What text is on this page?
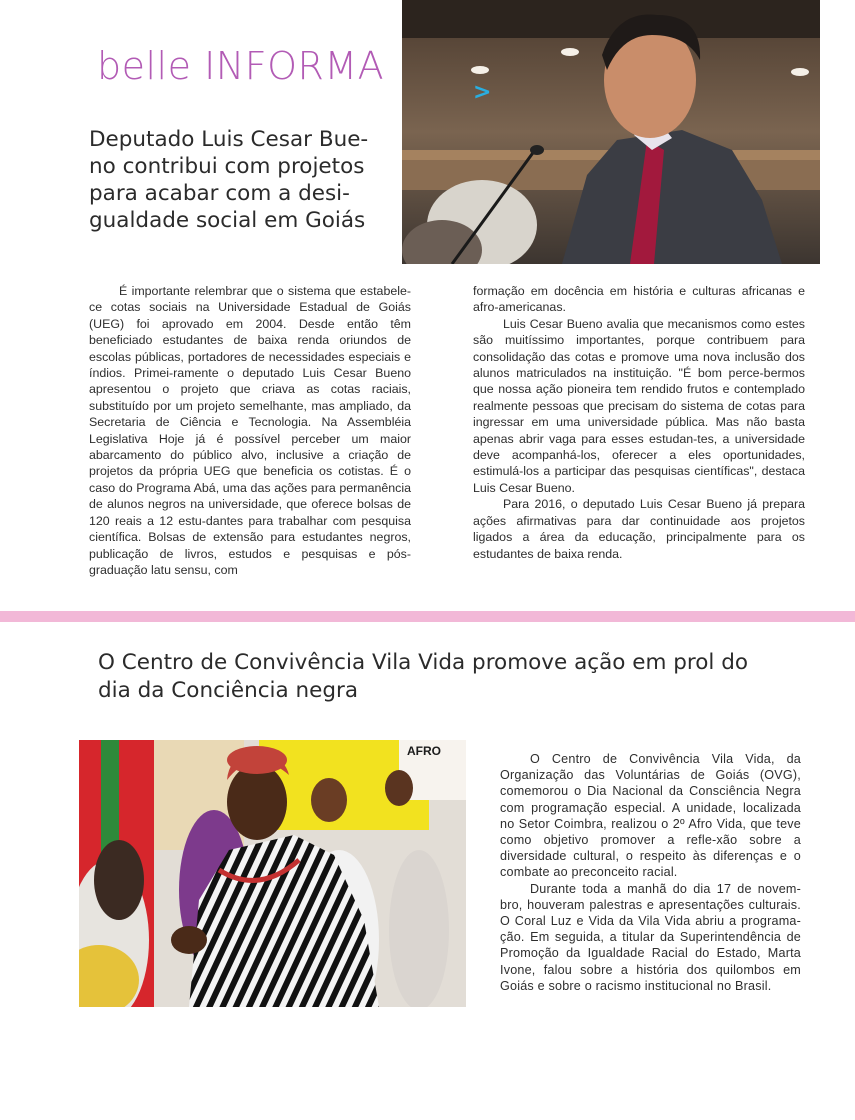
belle INFORMA
Deputado Luis Cesar Bue-
no contribui com projetos
para acabar com a desi-
gualdade social em Goiás
>

É importante relembrar que o sistema que estabele-ce cotas sociais na Universidade Estadual de Goiás (UEG) foi aprovado em 2004. Desde então têm beneficiado estudantes de baixa renda oriundos de escolas públicas, portadores de necessidades especiais e índios. Primei-ramente o deputado Luis Cesar Bueno apresentou o projeto que criava as cotas raciais, substituído por um projeto semelhante, mas ampliado, da Secretaria de Ciência e Tecnologia. Na Assembléia Legislativa Hoje já é possível perceber um maior abarcamento do público alvo, inclusive a criação de projetos da própria UEG que beneficia os cotistas. É o caso do Programa Abá, uma das ações para permanência de alunos negros na universidade, que oferece bolsas de 120 reais a 12 estu-dantes para trabalhar com pesquisa científica. Bolsas de extensão para estudantes negros, publicação de livros, estudos e pesquisas e pós-graduação latu sensu, com

formação em docência em história e culturas africanas e afro-americanas.

Luis Cesar Bueno avalia que mecanismos como estes são muitíssimo importantes, porque contribuem para consolidação das cotas e promove uma nova inclusão dos alunos matriculados na instituição. "É bom perce-bermos que nossa ação pioneira tem rendido frutos e contemplado realmente pessoas que precisam do sistema de cotas para ingressar em uma universidade pública. Mas não basta apenas abrir vaga para esses estudan-tes, a universidade deve acompanhá-los, oferecer a eles oportunidades, estimulá-los a participar das pesquisas científicas", destaca Luis Cesar Bueno.

Para 2016, o deputado Luis Cesar Bueno já prepara ações afirmativas para dar continuidade aos projetos ligados a área da educação, principalmente para os estudantes de baixa renda.

O Centro de Convivência Vila Vida promove ação em prol do
dia da Conciência negra
AFRO

O Centro de Convivência Vila Vida, da Organização das Voluntárias de Goiás (OVG), comemorou o Dia Nacional da Consciência Negra com programação especial. A unidade, localizada no Setor Coimbra, realizou o 2º Afro Vida, que teve como objetivo promover a refle-xão sobre a diversidade cultural, o respeito às diferenças e o combate ao preconceito racial.

Durante toda a manhã do dia 17 de novem-bro, houveram palestras e apresentações culturais. O Coral Luz e Vida da Vila Vida abriu a programa-ção. Em seguida, a titular da Superintendência de Promoção da Igualdade Racial do Estado, Marta Ivone, falou sobre a história dos quilombos em Goiás e sobre o racismo institucional no Brasil.
